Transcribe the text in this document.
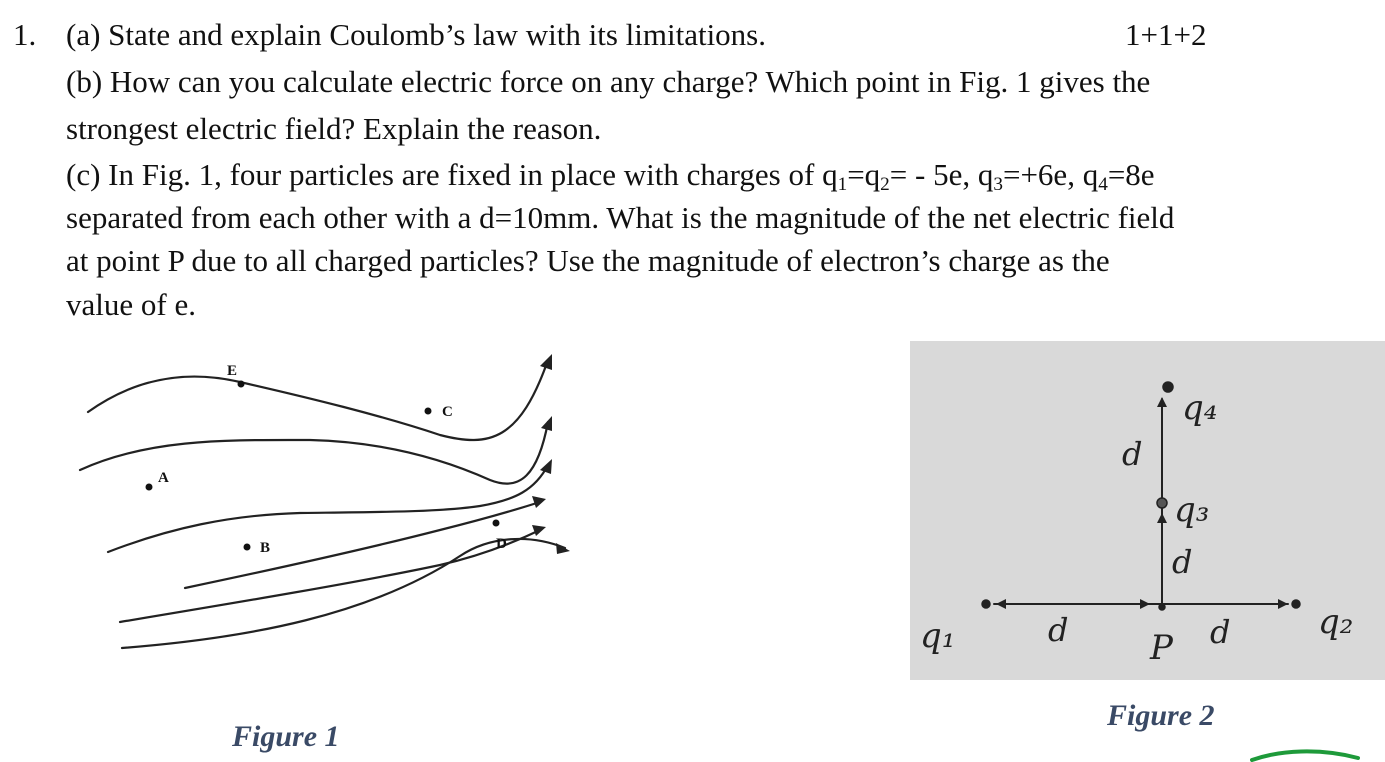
1.	1+1+2
(a) State and explain Coulomb’s law with its limitations.
(b) How can you calculate electric force on any charge? Which point in Fig. 1 gives the
strongest electric field? Explain the reason.
(c) In Fig. 1, four particles are fixed in place with charges of $q_1=q_2= - 5e$, $q_3=+6e$, $q_4=8e$
separated from each other with a d=10mm. What is the magnitude of the net electric field
at point P due to all charged particles? Use the magnitude of electron’s charge as the
value of e.
A
B
C
D
E
q₄
q₃
q₁	q₂
P
d
d
d	d
Figure 1
Figure 2
